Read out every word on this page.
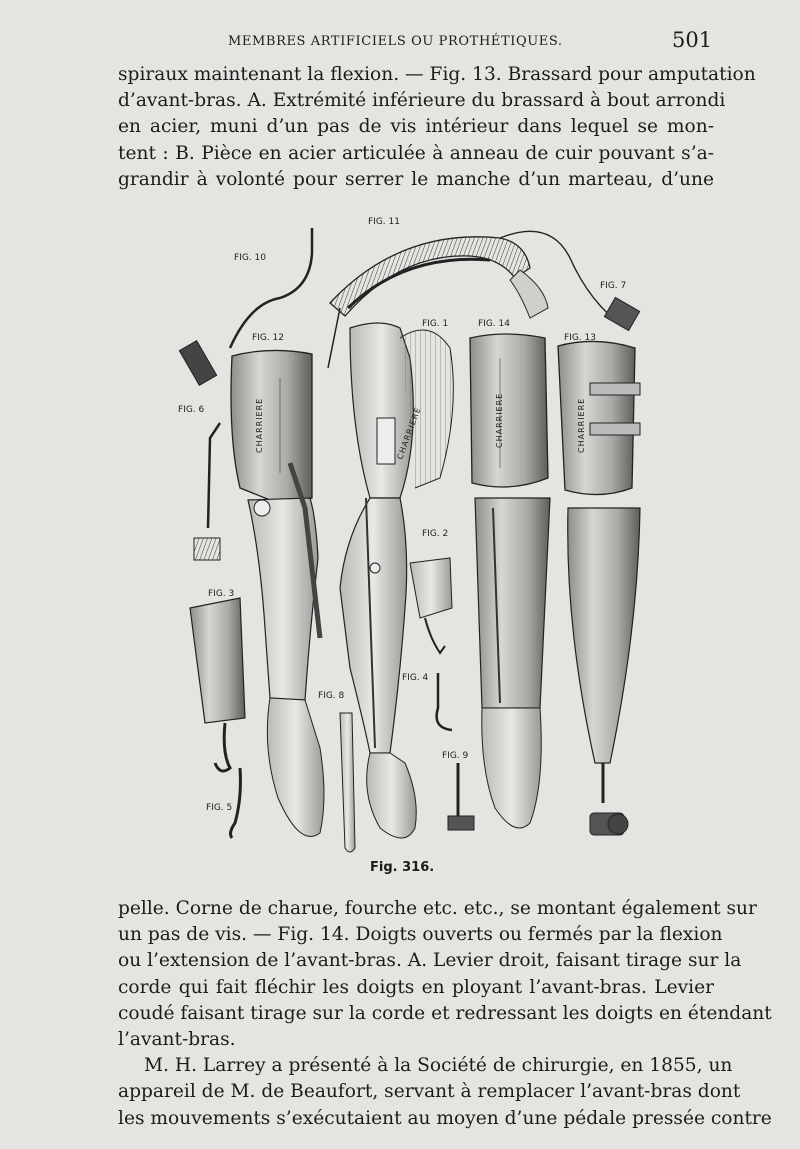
MEMBRES ARTIFICIELS OU PROTHÉTIQUES.	501
spiraux maintenant la flexion. — Fig. 13. Brassard pour amputation
d’avant-bras. A. Extrémité inférieure du brassard à bout arrondi
en acier, muni d’un pas de vis intérieur dans lequel se mon-
tent : B. Pièce en acier articulée à anneau de cuir pouvant s’a-
grandir à volonté pour serrer le manche d’un marteau, d’une
FIG. 11
FIG. 10
FIG. 7
FIG. 12
FIG. 1	FIG. 14
FIG. 13
FIG. 6
FIG. 2
FIG. 3
FIG. 4
FIG. 8
FIG. 9
FIG. 5
CHARRIERE	CHARRIERE	CHARRIERE	CHARRIERE
Fig. 316.
pelle. Corne de charue, fourche etc. etc., se montant également sur
un pas de vis. — Fig. 14. Doigts ouverts ou fermés par la flexion
ou l’extension de l’avant-bras. A. Levier droit, faisant tirage sur la
corde qui fait fléchir les doigts en ployant l’avant-bras. Levier
coudé faisant tirage sur la corde et redressant les doigts en étendant
l’avant-bras.
M. H. Larrey a présenté à la Société de chirurgie, en 1855, un
appareil de M. de Beaufort, servant à remplacer l’avant-bras dont
les mouvements s’exécutaient au moyen d’une pédale pressée contre
